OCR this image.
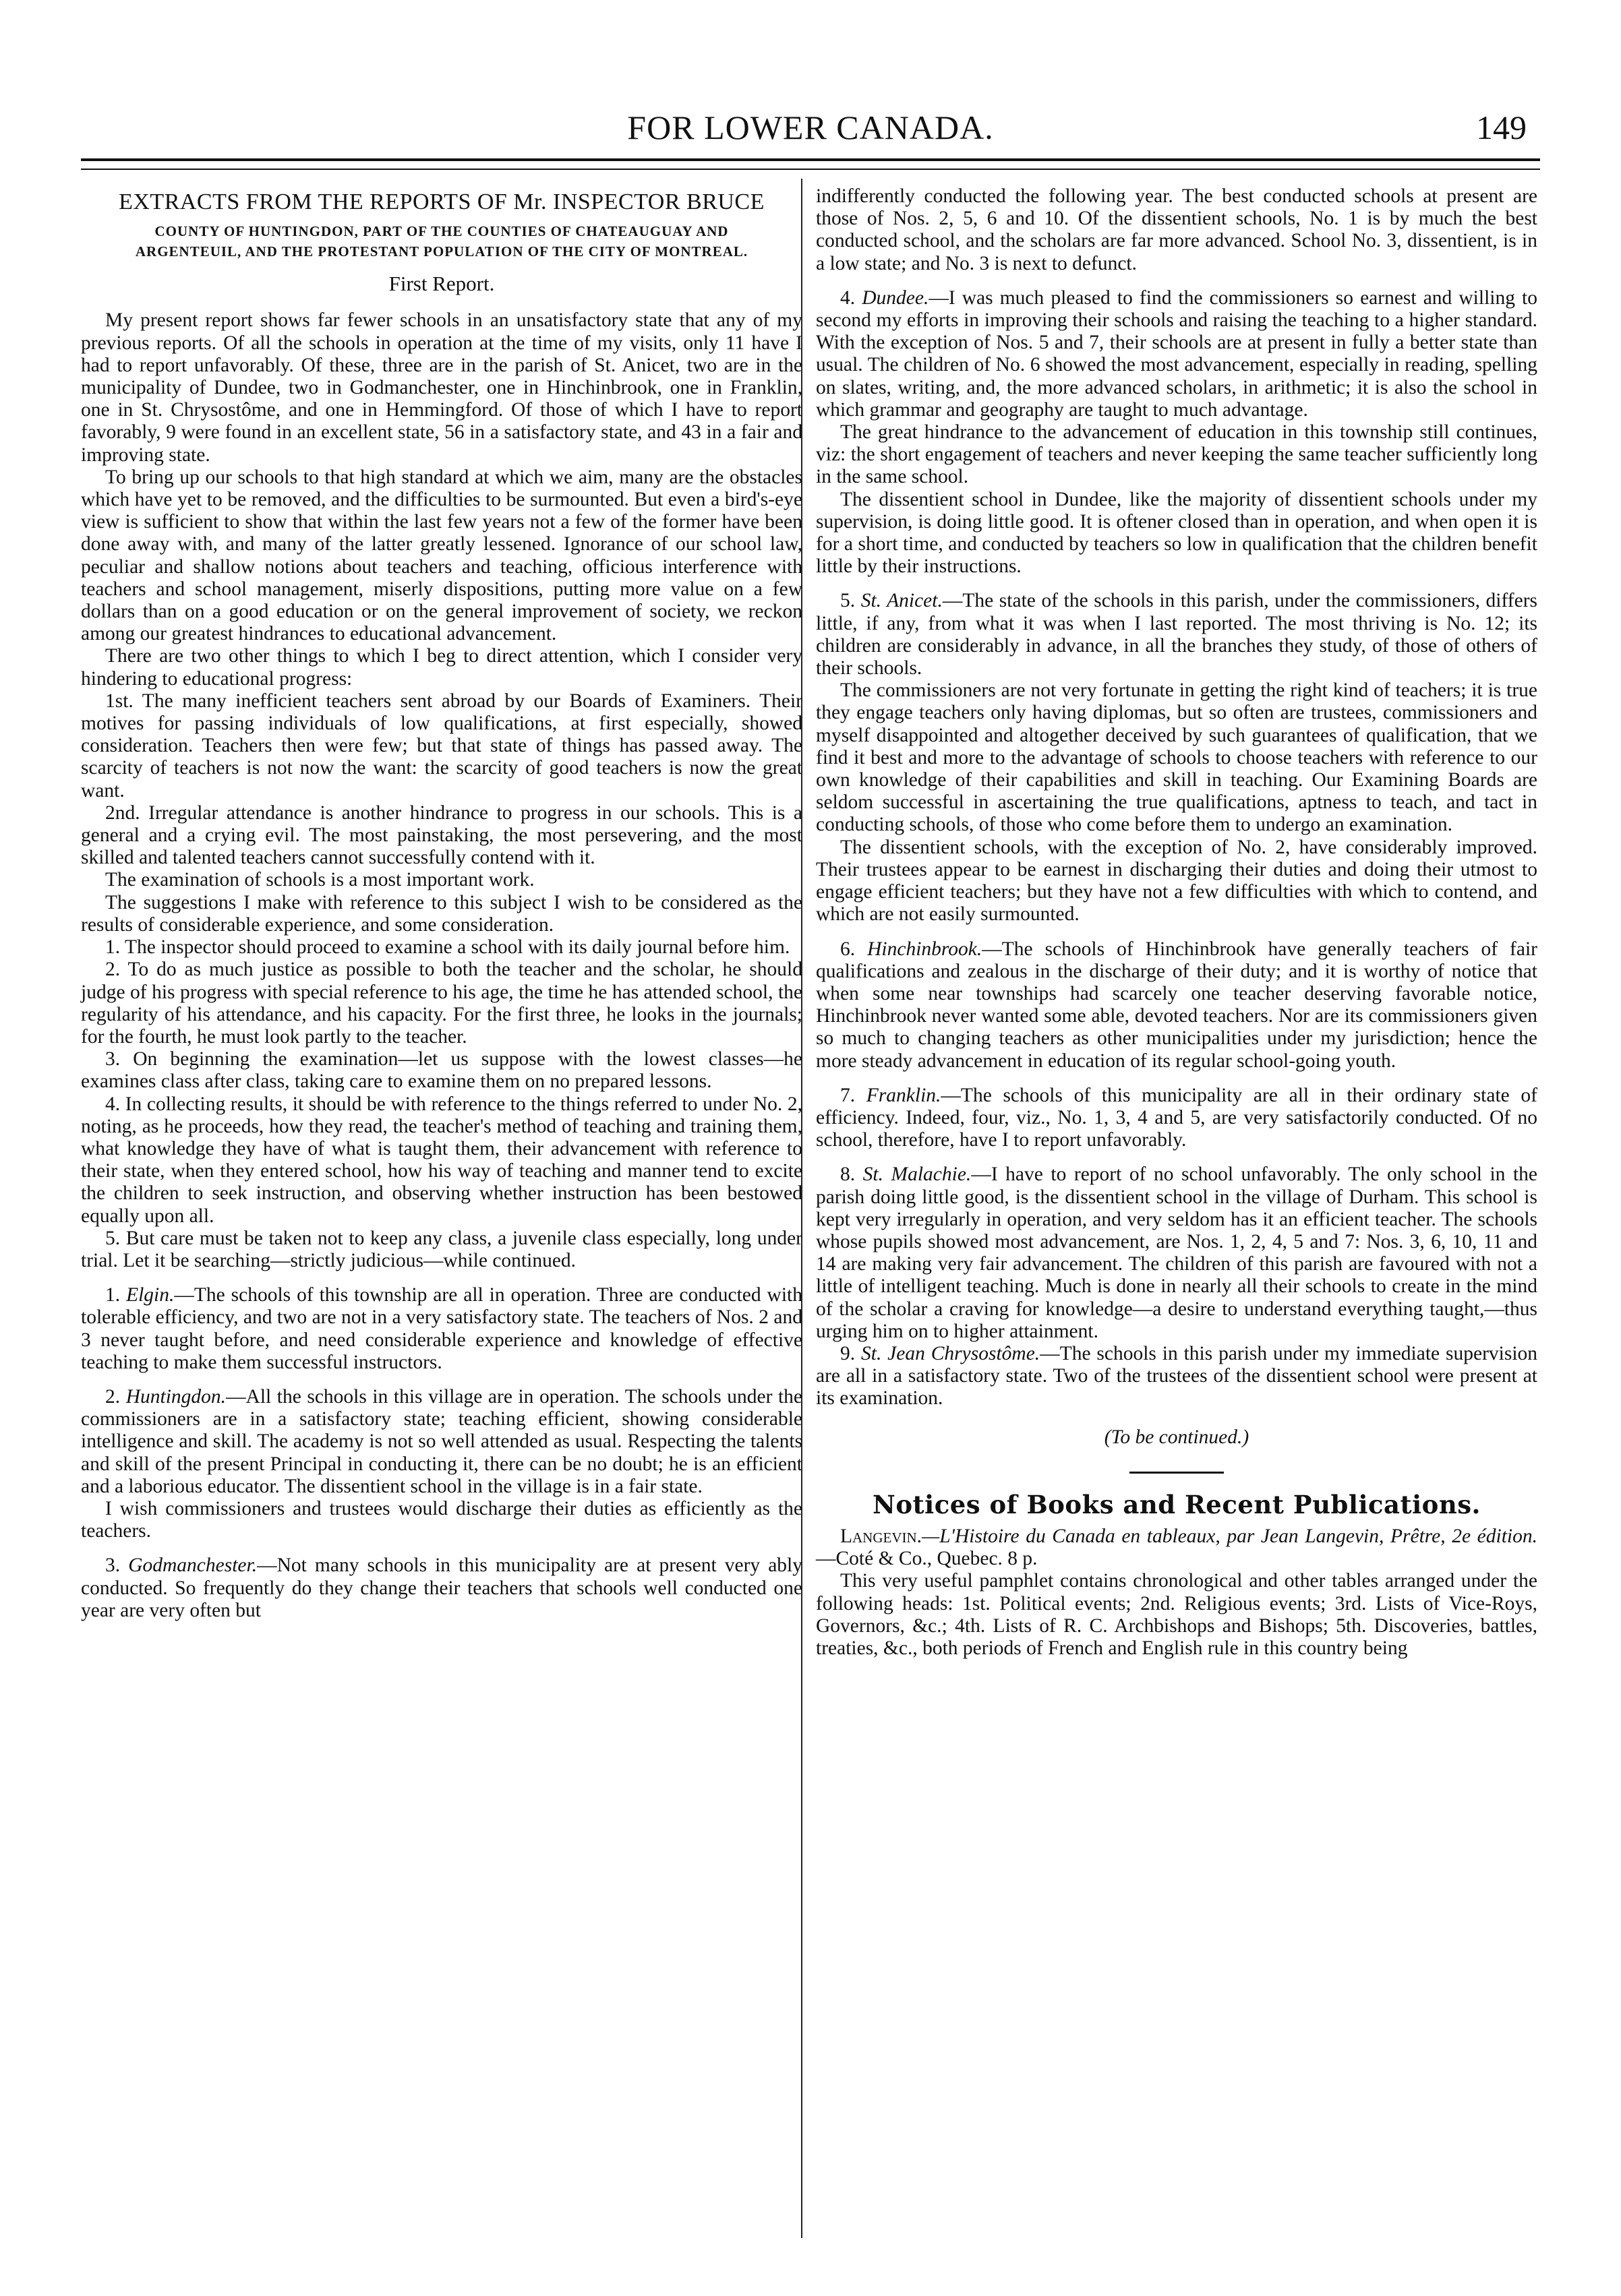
FOR LOWER CANADA.	149
EXTRACTS FROM THE REPORTS OF Mr. INSPECTOR BRUCE
COUNTY OF HUNTINGDON, PART OF THE COUNTIES OF CHATEAUGUAY AND ARGENTEUIL, AND THE PROTESTANT POPULATION OF THE CITY OF MONTREAL.
First Report.

My present report shows far fewer schools in an unsatisfactory state that any of my previous reports. Of all the schools in operation at the time of my visits, only 11 have I had to report unfavorably. Of these, three are in the parish of St. Anicet, two are in the municipality of Dundee, two in Godmanchester, one in Hinchinbrook, one in Franklin, one in St. Chrysostôme, and one in Hemmingford. Of those of which I have to report favorably, 9 were found in an excellent state, 56 in a satisfactory state, and 43 in a fair and improving state.

To bring up our schools to that high standard at which we aim, many are the obstacles which have yet to be removed, and the difficulties to be surmounted. But even a bird's-eye view is sufficient to show that within the last few years not a few of the former have been done away with, and many of the latter greatly lessened. Ignorance of our school law, peculiar and shallow notions about teachers and teaching, officious interference with teachers and school management, miserly dispositions, putting more value on a few dollars than on a good education or on the general improvement of society, we reckon among our greatest hindrances to educational advancement.

There are two other things to which I beg to direct attention, which I consider very hindering to educational progress:

1st. The many inefficient teachers sent abroad by our Boards of Examiners. Their motives for passing individuals of low qualifications, at first especially, showed consideration. Teachers then were few; but that state of things has passed away. The scarcity of teachers is not now the want: the scarcity of good teachers is now the great want.

2nd. Irregular attendance is another hindrance to progress in our schools. This is a general and a crying evil. The most painstaking, the most persevering, and the most skilled and talented teachers cannot successfully contend with it.

The examination of schools is a most important work.

The suggestions I make with reference to this subject I wish to be considered as the results of considerable experience, and some consideration.

1. The inspector should proceed to examine a school with its daily journal before him.

2. To do as much justice as possible to both the teacher and the scholar, he should judge of his progress with special reference to his age, the time he has attended school, the regularity of his attendance, and his capacity. For the first three, he looks in the journals; for the fourth, he must look partly to the teacher.

3. On beginning the examination—let us suppose with the lowest classes—he examines class after class, taking care to examine them on no prepared lessons.

4. In collecting results, it should be with reference to the things referred to under No. 2, noting, as he proceeds, how they read, the teacher's method of teaching and training them, what knowledge they have of what is taught them, their advancement with reference to their state, when they entered school, how his way of teaching and manner tend to excite the children to seek instruction, and observing whether instruction has been bestowed equally upon all.

5. But care must be taken not to keep any class, a juvenile class especially, long under trial. Let it be searching—strictly judicious—while continued.

1. Elgin.—The schools of this township are all in operation. Three are conducted with tolerable efficiency, and two are not in a very satisfactory state. The teachers of Nos. 2 and 3 never taught before, and need considerable experience and knowledge of effective teaching to make them successful instructors.

2. Huntingdon.—All the schools in this village are in operation. The schools under the commissioners are in a satisfactory state; teaching efficient, showing considerable intelligence and skill. The academy is not so well attended as usual. Respecting the talents and skill of the present Principal in conducting it, there can be no doubt; he is an efficient and a laborious educator. The dissentient school in the village is in a fair state.

I wish commissioners and trustees would discharge their duties as efficiently as the teachers.

3. Godmanchester.—Not many schools in this municipality are at present very ably conducted. So frequently do they change their teachers that schools well conducted one year are very often but

indifferently conducted the following year. The best conducted schools at present are those of Nos. 2, 5, 6 and 10. Of the dissentient schools, No. 1 is by much the best conducted school, and the scholars are far more advanced. School No. 3, dissentient, is in a low state; and No. 3 is next to defunct.

4. Dundee.—I was much pleased to find the commissioners so earnest and willing to second my efforts in improving their schools and raising the teaching to a higher standard. With the exception of Nos. 5 and 7, their schools are at present in fully a better state than usual. The children of No. 6 showed the most advancement, especially in reading, spelling on slates, writing, and, the more advanced scholars, in arithmetic; it is also the school in which grammar and geography are taught to much advantage.

The great hindrance to the advancement of education in this township still continues, viz: the short engagement of teachers and never keeping the same teacher sufficiently long in the same school.

The dissentient school in Dundee, like the majority of dissentient schools under my supervision, is doing little good. It is oftener closed than in operation, and when open it is for a short time, and conducted by teachers so low in qualification that the children benefit little by their instructions.

5. St. Anicet.—The state of the schools in this parish, under the commissioners, differs little, if any, from what it was when I last reported. The most thriving is No. 12; its children are considerably in advance, in all the branches they study, of those of others of their schools.

The commissioners are not very fortunate in getting the right kind of teachers; it is true they engage teachers only having diplomas, but so often are trustees, commissioners and myself disappointed and altogether deceived by such guarantees of qualification, that we find it best and more to the advantage of schools to choose teachers with reference to our own knowledge of their capabilities and skill in teaching. Our Examining Boards are seldom successful in ascertaining the true qualifications, aptness to teach, and tact in conducting schools, of those who come before them to undergo an examination.

The dissentient schools, with the exception of No. 2, have considerably improved. Their trustees appear to be earnest in discharging their duties and doing their utmost to engage efficient teachers; but they have not a few difficulties with which to contend, and which are not easily surmounted.

6. Hinchinbrook.—The schools of Hinchinbrook have generally teachers of fair qualifications and zealous in the discharge of their duty; and it is worthy of notice that when some near townships had scarcely one teacher deserving favorable notice, Hinchinbrook never wanted some able, devoted teachers. Nor are its commissioners given so much to changing teachers as other municipalities under my jurisdiction; hence the more steady advancement in education of its regular school-going youth.

7. Franklin.—The schools of this municipality are all in their ordinary state of efficiency. Indeed, four, viz., No. 1, 3, 4 and 5, are very satisfactorily conducted. Of no school, therefore, have I to report unfavorably.

8. St. Malachie.—I have to report of no school unfavorably. The only school in the parish doing little good, is the dissentient school in the village of Durham. This school is kept very irregularly in operation, and very seldom has it an efficient teacher. The schools whose pupils showed most advancement, are Nos. 1, 2, 4, 5 and 7: Nos. 3, 6, 10, 11 and 14 are making very fair advancement. The children of this parish are favoured with not a little of intelligent teaching. Much is done in nearly all their schools to create in the mind of the scholar a craving for knowledge—a desire to understand everything taught,—thus urging him on to higher attainment.

9. St. Jean Chrysostôme.—The schools in this parish under my immediate supervision are all in a satisfactory state. Two of the trustees of the dissentient school were present at its examination.

(To be continued.)
Notices of Books and Recent Publications.

Langevin.—L'Histoire du Canada en tableaux, par Jean Langevin, Prêtre, 2e édition.—Coté & Co., Quebec. 8 p.

This very useful pamphlet contains chronological and other tables arranged under the following heads: 1st. Political events; 2nd. Religious events; 3rd. Lists of Vice-Roys, Governors, &c.; 4th. Lists of R. C. Archbishops and Bishops; 5th. Discoveries, battles, treaties, &c., both periods of French and English rule in this country being
